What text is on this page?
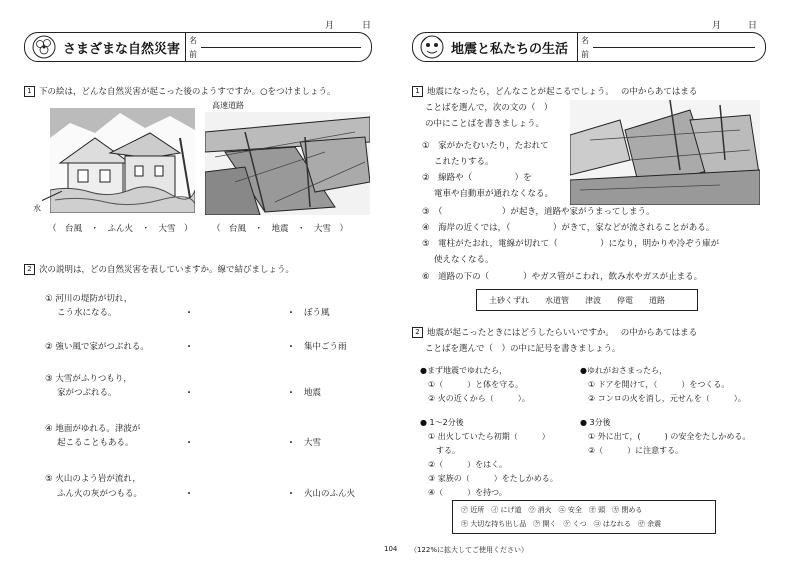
月	日
さまざまな自然災害
名
前
1 下の絵は，どんな自然災害が起こった後のようすですか。○をつけましょう。
水
高速道路
（　台風　・　ふん火　・　大雪　） （　台風　・　地震　・　大雪　）
2 次の説明は，どの自然災害を表していますか。線で結びましょう。
① 河川の堤防が切れ，
こう水になる。	・	・ ぼう風
② 強い風で家がつぶれる。	・	・ 集中ごう雨
③ 大雪がふりつもり，
家がつぶれる。	・	・ 地震
④ 地面がゆれる。津波が
起こることもある。	・	・ 大雪
⑤ 火山のよう岩が流れ，
ふん火の灰がつもる。	・	・ 火山のふん火
月	日
地震と私たちの生活
名
前
1 地震になったら，どんなことが起こるでしょう。　 の中からあてはまる
ことばを選んで，次の文の（　）
の中にことばを書きましょう。
①　家がかたむいたり，たおれて
これたりする。
②　線路や（　　　　　）を
電車や自動車が通れなくなる。
③　（　　　　　　　）が起き，道路や家がうまってしまう。
④　海岸の近くでは，（　　　　　）がきて，家などが流されることがある。
⑤　電柱がたおれ，電線が切れて（　　　　　）になり，明かりや冷ぞう庫が
使えなくなる。
⑥　道路の下の（　　　　）やガス管がこわれ，飲み水やガスが止まる。
土砂くずれ　　水道管　　津波　　停電　　道路
2 地震が起こったときにはどうしたらいいですか。　 の中からあてはまる
ことばを選んで（　）の中に記号を書きましょう。
●まず地震でゆれたら，
①（　　　）と体を守る。
② 火の近くから（　　　）。
● 1～2分後
① 出火していたら初期（　　　）
　する。
②（　　　）をはく。
③ 家族の（　　　）をたしかめる。
④（　　　）を持つ。
●ゆれがおさまったら，
① ドアを開けて，（　　　）をつくる。
② コンロの火を消し，元せんを（　　　）。
● 3分後
① 外に出て，(　　　) の安全をたしかめる。
②（　　　）に注意する。
㋐ 近所　㋑ にげ道　㋒ 消火　㋓ 安全　㋔ 頭　㋕ 閉める
㋖ 大切な持ち出し品　㋗ 開く　㋘ くつ　㋙ はなれる　㋚ 余震
104 （122%に拡大してご使用ください）
